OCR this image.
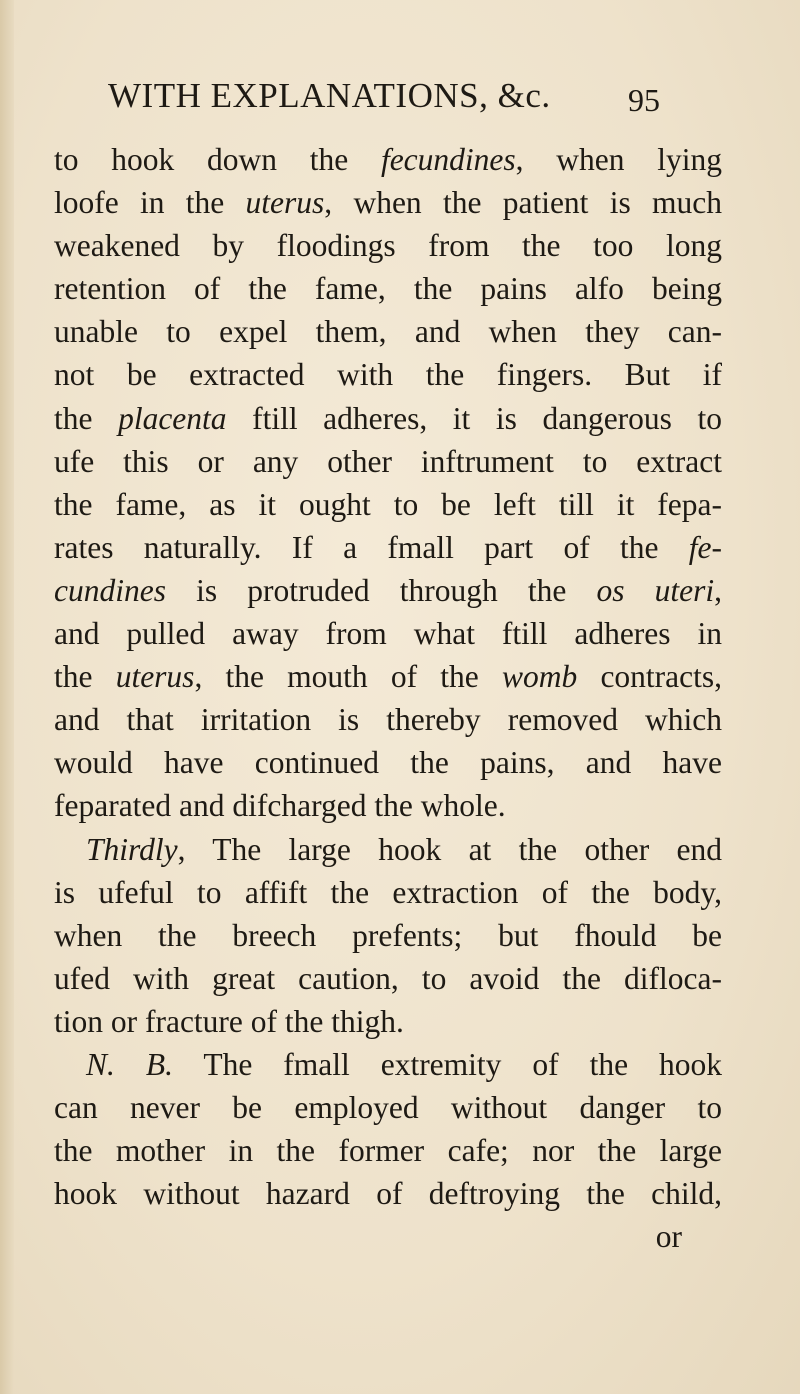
WITH EXPLANATIONS, &c. 95
to hook down the fecundines, when lying
loofe in the uterus, when the patient is much
weakened by floodings from the too long
retention of the fame, the pains alfo being
unable to expel them, and when they can-
not be extracted with the fingers. But if
the placenta ftill adheres, it is dangerous to
ufe this or any other inftrument to extract
the fame, as it ought to be left till it fepa-
rates naturally. If a fmall part of the fe-
cundines is protruded through the os uteri,
and pulled away from what ftill adheres in
the uterus, the mouth of the womb contracts,
and that irritation is thereby removed which
would have continued the pains, and have
feparated and difcharged the whole.
Thirdly, The large hook at the other end
is ufeful to affift the extraction of the body,
when the breech prefents; but fhould be
ufed with great caution, to avoid the difloca-
tion or fracture of the thigh.
N. B. The fmall extremity of the hook
can never be employed without danger to
the mother in the former cafe; nor the large
hook without hazard of deftroying the child,
or
